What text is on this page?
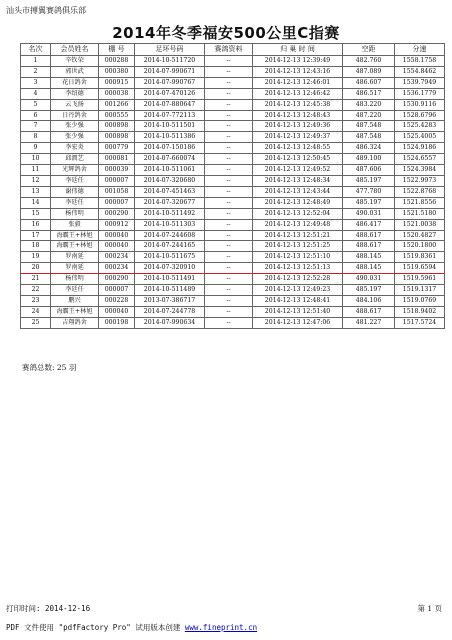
汕头市搏翼赛鸽俱乐部
2014年冬季福安500公里C指赛
名次	会员姓名	棚 号	足环号码	赛鸽资料	归 巢 时 间	空距	分速
1	辛钦荣	000288	2014-10-511720	--	2014-12-13 12:39:49	482.760	1558.1758
2	郭世武	000380	2014-07-990671	--	2014-12-13 12:43:16	487.089	1554.8462
3	花日鸽舍	000915	2014-07-990767	--	2014-12-13 12:46:01	486.607	1539.7949
4	李绍德	000038	2014-07-470126	--	2014-12-13 12:46:42	486.517	1536.1779
5	云飞扬	001266	2014-07-880647	--	2014-12-13 12:45:38	483.220	1530.9116
6	日丹鸽舍	000555	2014-07-772113	--	2014-12-13 12:48:43	487.220	1528.6796
7	张少强	000898	2014-10-511501	--	2014-12-13 12:49:36	487.548	1525.4283
8	张少强	000898	2014-10-511386	--	2014-12-13 12:49:37	487.548	1525.4005
9	李宏炎	000779	2014-07-150186	--	2014-12-13 12:48:55	486.324	1524.9186
10	邱潤艺	000081	2014-07-660074	--	2014-12-13 12:50:45	489.100	1524.6557
11	光辉鸽舍	000039	2014-10-511061	--	2014-12-13 12:49:52	487.606	1524.3984
12	李廷任	000007	2014-07-320680	--	2014-12-13 12:48:34	485.197	1522.9973
13	谢伟德	001058	2014-07-451463	--	2014-12-13 12:43:44	477.780	1522.8768
14	李廷任	000007	2014-07-320677	--	2014-12-13 12:48:49	485.197	1521.8556
15	杨伟明	000290	2014-10-511492	--	2014-12-13 12:52:04	490.031	1521.5180
16	张毅	000912	2014-10-511303	--	2014-12-13 12:49:48	486.417	1521.0038
17	海霸王+林旭	000040	2014-07-244608	--	2014-12-13 12:51:21	488.617	1520.4827
18	海霸王+林旭	000040	2014-07-244165	--	2014-12-13 12:51:25	488.617	1520.1800
19	罗南延	000234	2014-10-511675	--	2014-12-13 12:51:10	488.145	1519.8361
20	罗南延	000234	2014-07-320910	--	2014-12-13 12:51:13	488.145	1519.6594
21	杨伟明	000290	2014-10-511491	--	2014-12-13 12:52:28	490.031	1519.5961
22	李廷任	000007	2014-10-511489	--	2014-12-13 12:49:23	485.197	1519.1317
23	鹏兴	000228	2013-07-386717	--	2014-12-13 12:48:41	484.106	1519.0769
24	海霸王+林旭	000040	2014-07-244778	--	2014-12-13 12:51:40	488.617	1518.9402
25	吉翔鸽舍	000198	2014-07-990634	--	2014-12-13 12:47:06	481.227	1517.5724
赛鸽总数: 25 羽
打印时间: 2014-12-16	第 1 页
PDF 文件使用 "pdfFactory Pro" 试用版本创建 www.fineprint.cn
